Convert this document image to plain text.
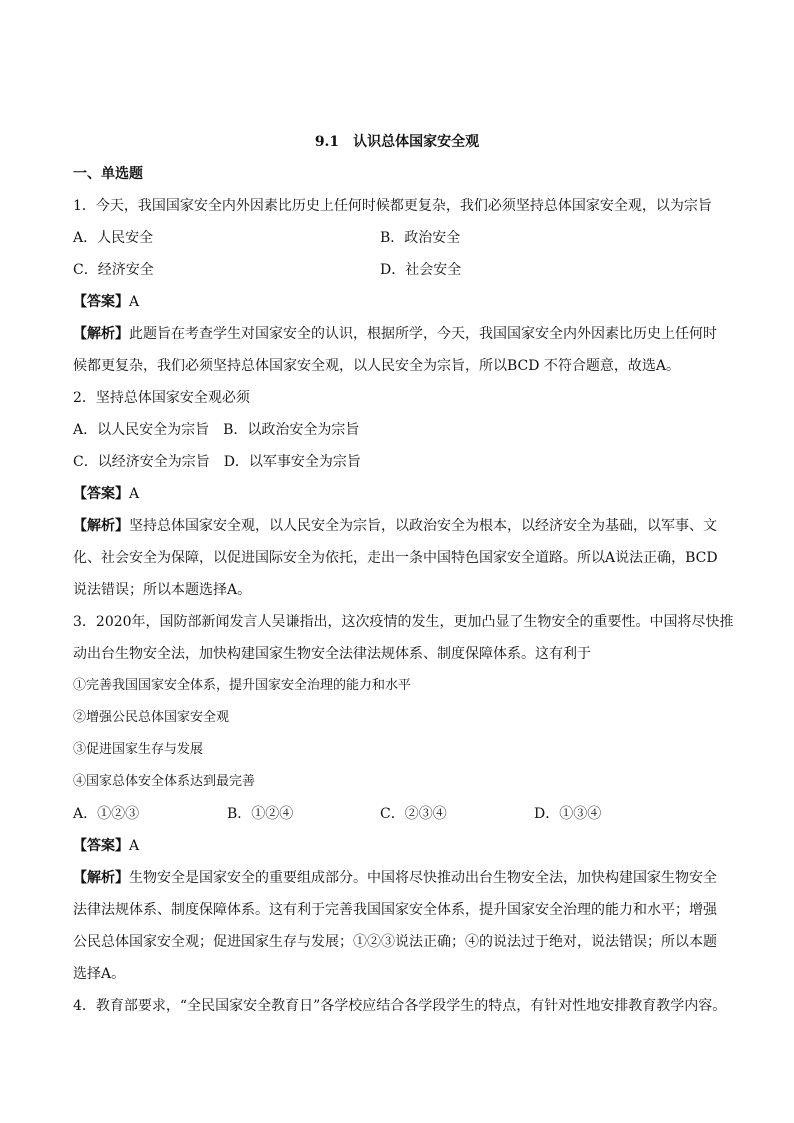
9.1　认识总体国家安全观
一、单选题
1．今天，我国国家安全内外因素比历史上任何时候都更复杂，我们必须坚持总体国家安全观，以为宗旨
A．人民安全	B．政治安全
C．经济安全	D．社会安全
【答案】A
【解析】此题旨在考查学生对国家安全的认识，根据所学，今天，我国国家安全内外因素比历史上任何时
候都更复杂，我们必须坚持总体国家安全观，以人民安全为宗旨，所以BCD 不符合题意，故选A。
2．坚持总体国家安全观必须
A．以人民安全为宗旨　B．以政治安全为宗旨
C．以经济安全为宗旨　D．以军事安全为宗旨
【答案】A
【解析】坚持总体国家安全观，以人民安全为宗旨，以政治安全为根本，以经济安全为基础，以军事、文
化、社会安全为保障，以促进国际安全为依托，走出一条中国特色国家安全道路。所以A说法正确，BCD
说法错误；所以本题选择A。
3．2020年，国防部新闻发言人吴谦指出，这次疫情的发生，更加凸显了生物安全的重要性。中国将尽快推
动出台生物安全法，加快构建国家生物安全法律法规体系、制度保障体系。这有利于
①完善我国国家安全体系，提升国家安全治理的能力和水平
②增强公民总体国家安全观
③促进国家生存与发展
④国家总体安全体系达到最完善
A．①②③	B．①②④	C．②③④	D．①③④
【答案】A
【解析】生物安全是国家安全的重要组成部分。中国将尽快推动出台生物安全法，加快构建国家生物安全
法律法规体系、制度保障体系。这有利于完善我国国家安全体系，提升国家安全治理的能力和水平；增强
公民总体国家安全观；促进国家生存与发展；①②③说法正确；④的说法过于绝对，说法错误；所以本题
选择A。
4．教育部要求，“全民国家安全教育日”各学校应结合各学段学生的特点，有针对性地安排教育教学内容。
